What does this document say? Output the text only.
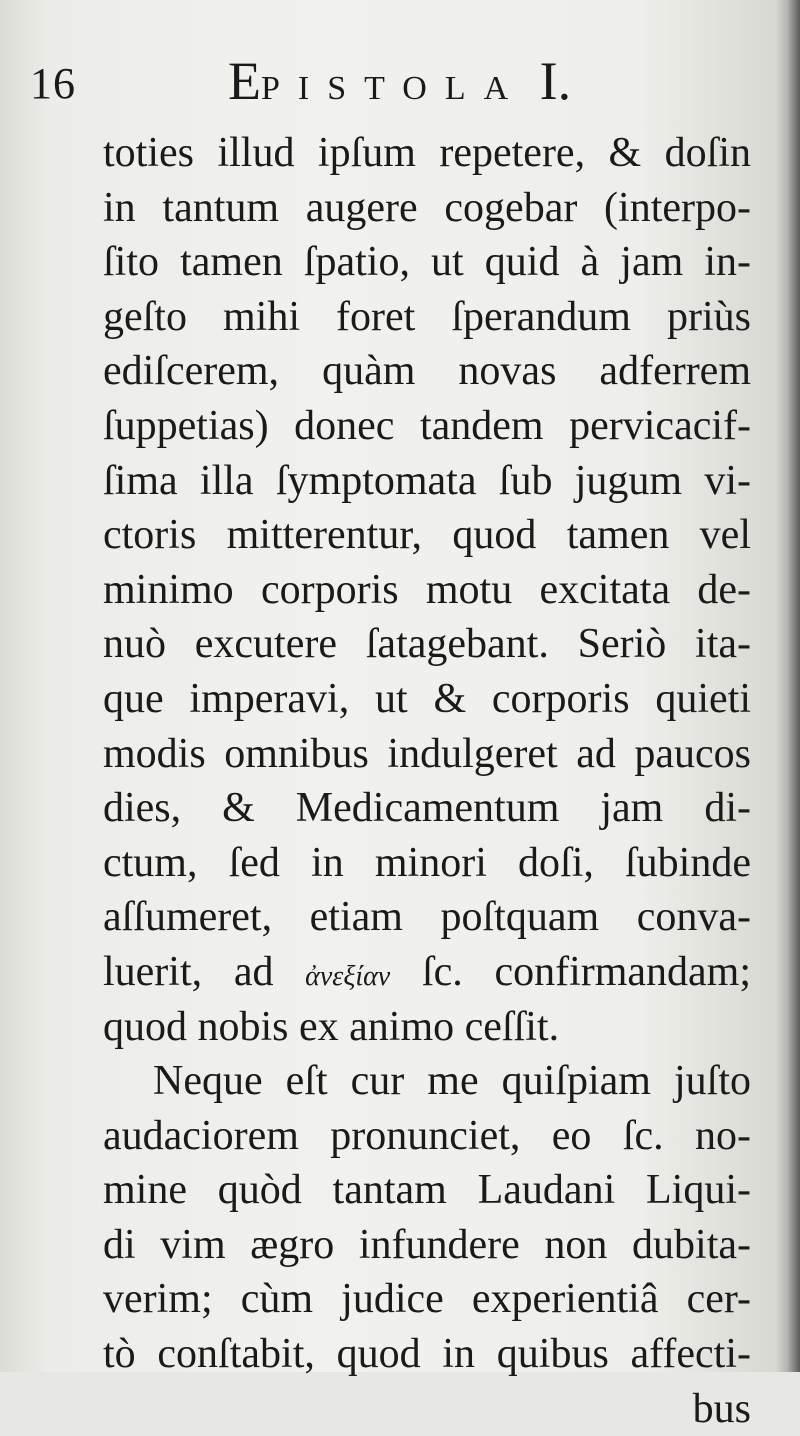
16	EPISTOLA I.
toties illud ipſum repetere, & doſin
in tantum augere cogebar (interpo-
ſito tamen ſpatio, ut quid à jam in-
geſto mihi foret ſperandum priùs
ediſcerem, quàm novas adferrem
ſuppetias) donec tandem pervicacif-
ſima illa ſymptomata ſub jugum vi-
ctoris mitterentur, quod tamen vel
minimo corporis motu excitata de-
nuò excutere ſatagebant. Seriò ita-
que imperavi, ut & corporis quieti
modis omnibus indulgeret ad paucos
dies, & Medicamentum jam di-
ctum, ſed in minori doſi, ſubinde
aſſumeret, etiam poſtquam conva-
luerit, ad ἀνεξίαν ſc. confirmandam;
quod nobis ex animo ceſſit.
Neque eſt cur me quiſpiam juſto
audaciorem pronunciet, eo ſc. no-
mine quòd tantam Laudani Liqui-
di vim ægro infundere non dubita-
verim; cùm judice experientiâ cer-
tò conſtabit, quod in quibus affecti-
bus
